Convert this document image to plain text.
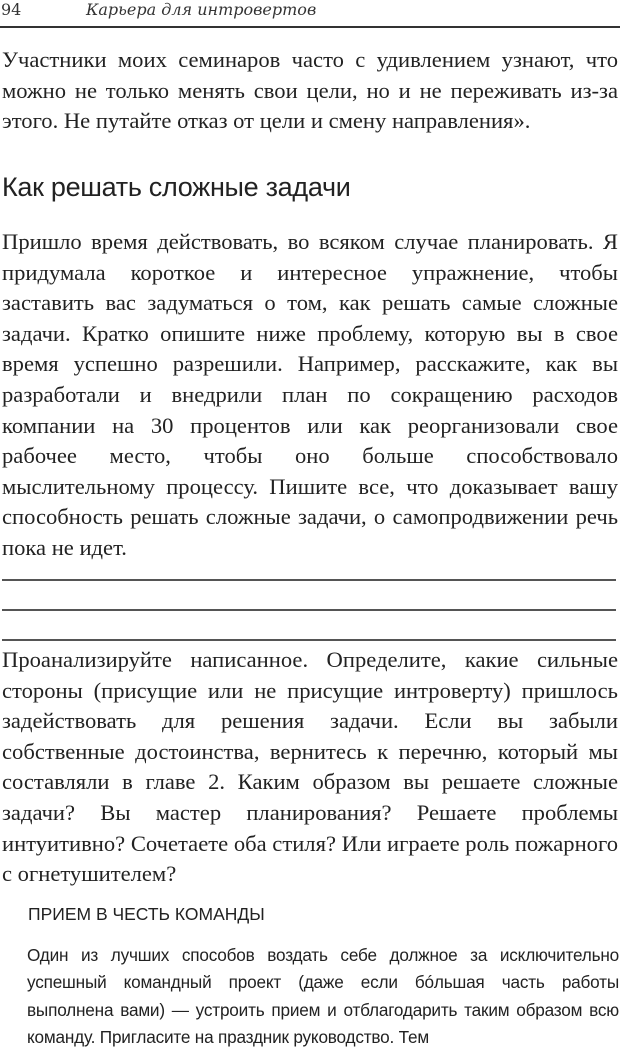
94	Карьера для интровертов

Участники моих семинаров часто с удивлением узнают, что можно не только менять свои цели, но и не переживать из-за этого. Не путайте отказ от цели и смену направления».

Как решать сложные задачи

Пришло время действовать, во всяком случае планировать. Я придумала короткое и интересное упражнение, чтобы заставить вас задуматься о том, как решать самые сложные задачи. Кратко опишите ниже проблему, которую вы в свое время успешно разрешили. Например, расскажите, как вы разработали и внедрили план по сокращению расходов компании на 30 процентов или как реорганизовали свое рабочее место, чтобы оно больше способствовало мыслительному процессу. Пишите все, что доказывает вашу способность решать сложные задачи, о самопродвижении речь пока не идет.

Проанализируйте написанное. Определите, какие сильные стороны (присущие или не присущие интроверту) пришлось задействовать для решения задачи. Если вы забыли собственные достоинства, вернитесь к перечню, который мы составляли в главе 2. Каким образом вы решаете сложные задачи? Вы мастер планирования? Решаете проблемы интуитивно? Сочетаете оба стиля? Или играете роль пожарного с огнетушителем?

ПРИЕМ В ЧЕСТЬ КОМАНДЫ

Один из лучших способов воздать себе должное за исключительно успешный командный проект (даже если бóльшая часть работы выполнена вами) — устроить прием и отблагодарить таким образом всю команду. Пригласите на праздник руководство. Тем
